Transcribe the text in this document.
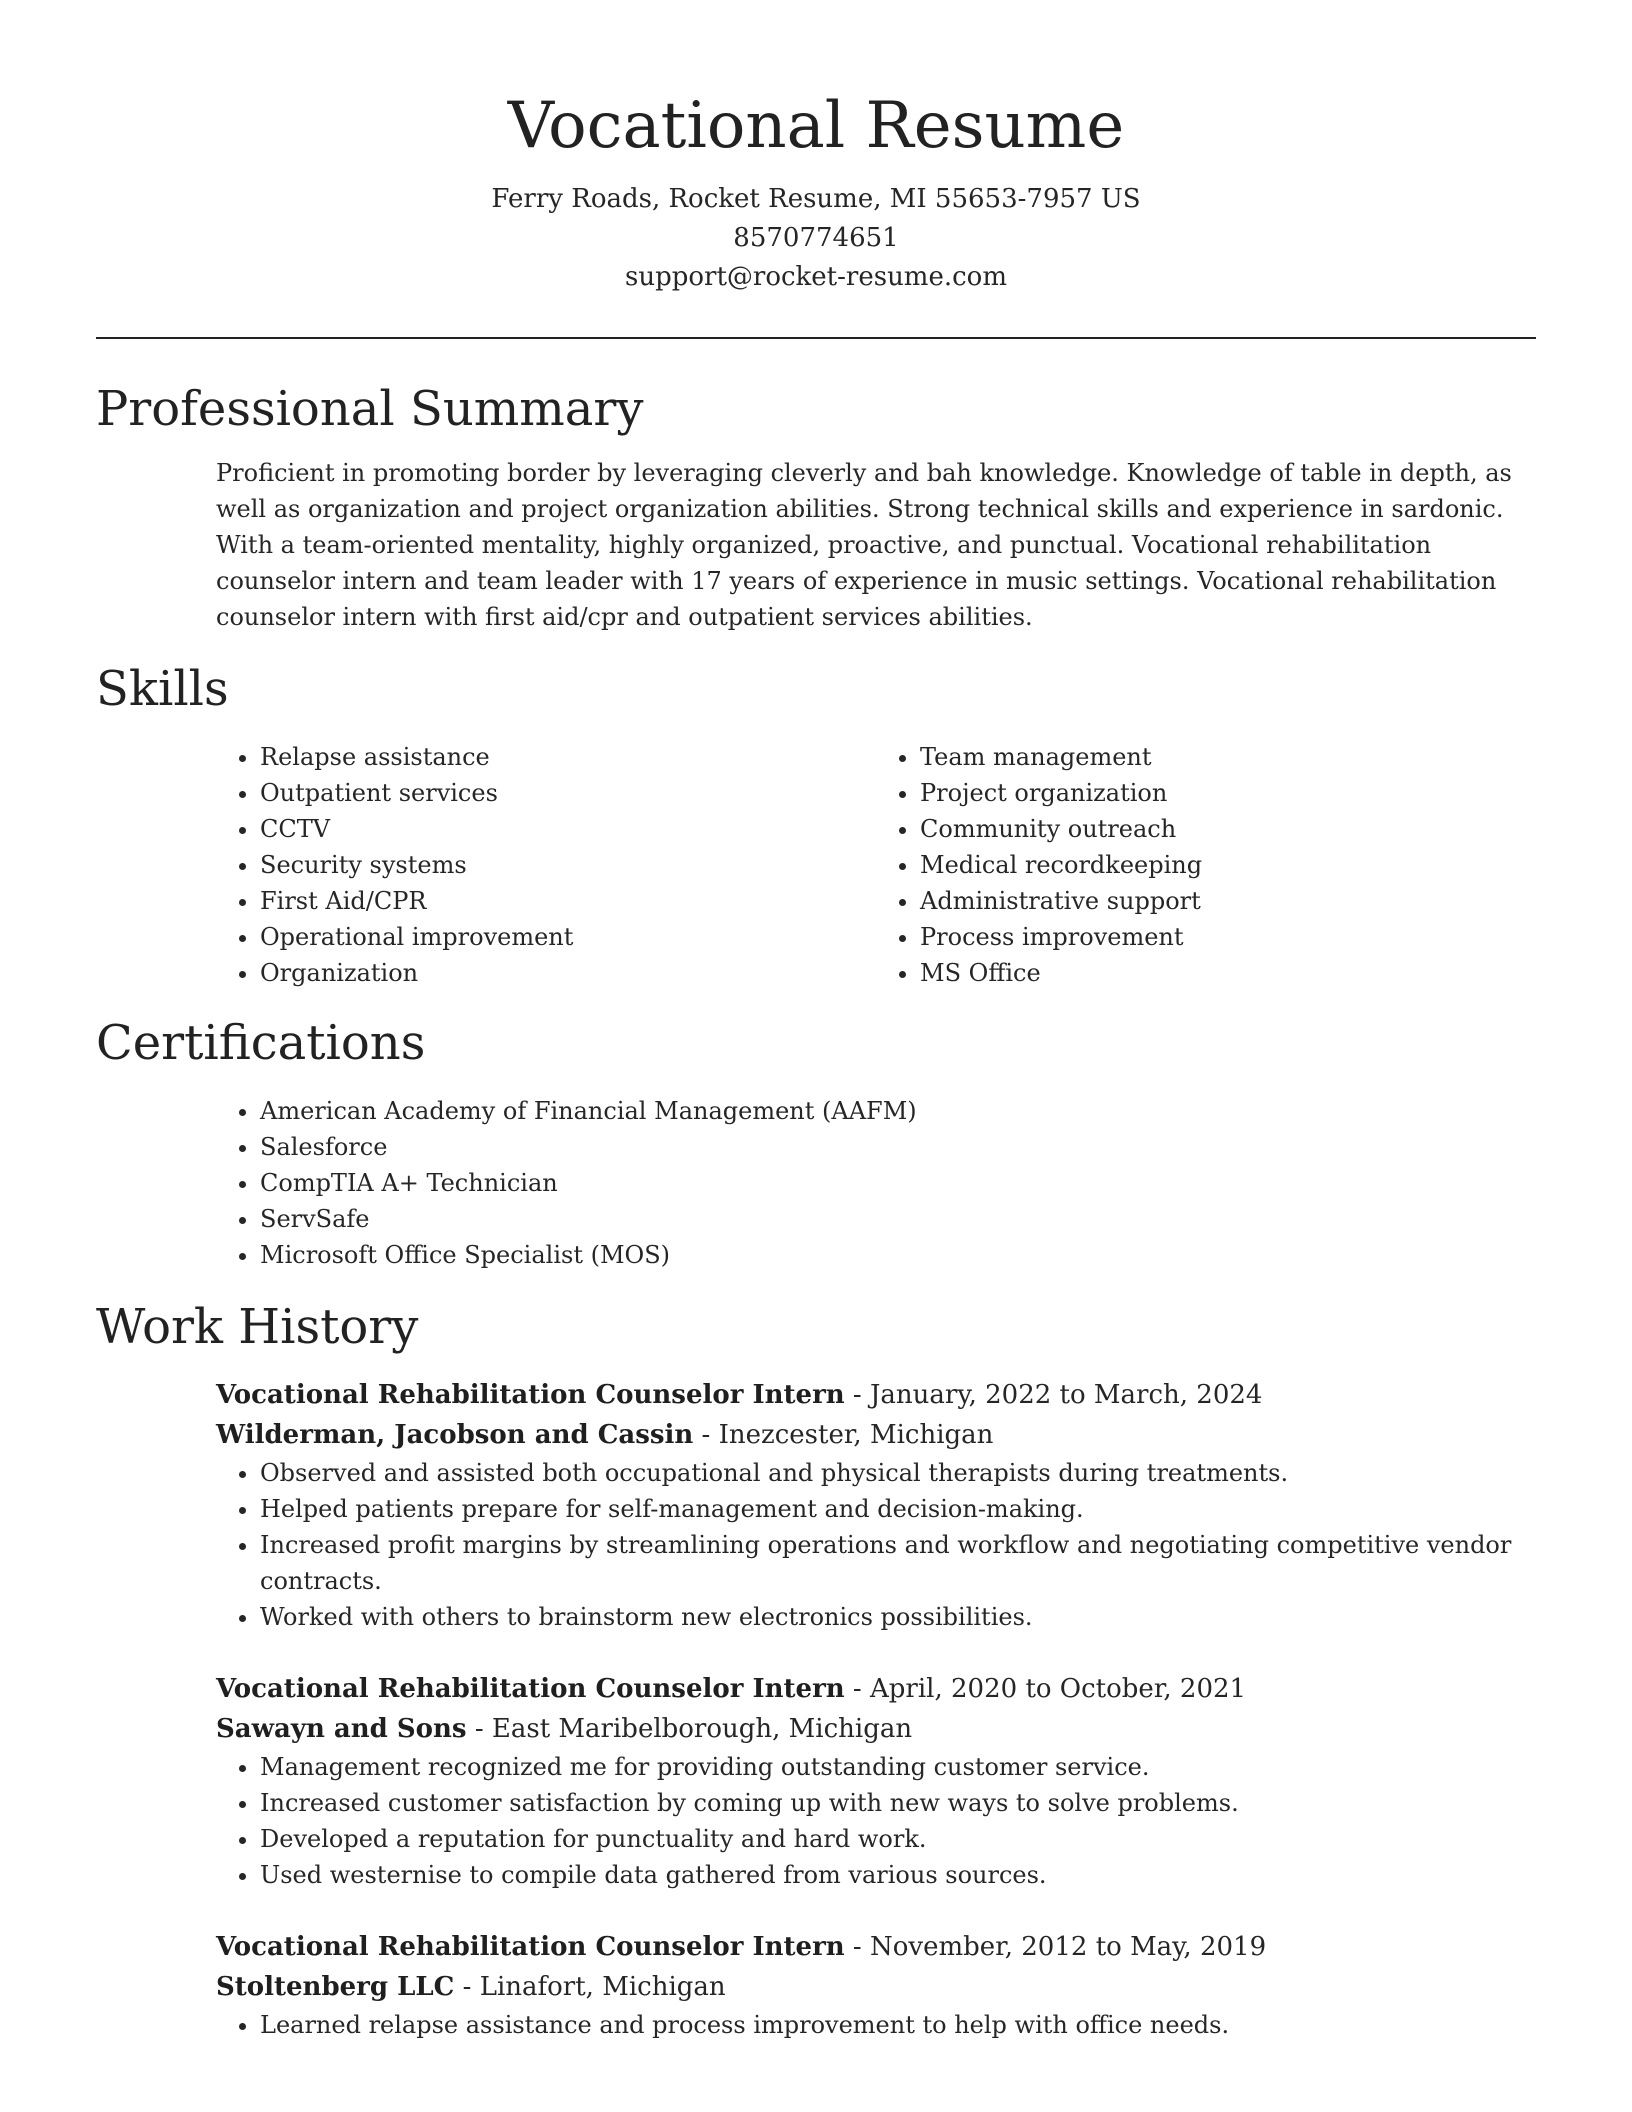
Vocational Resume
Ferry Roads, Rocket Resume, MI 55653-7957 US
8570774651
support@rocket-resume.com
Professional Summary

Proficient in promoting border by leveraging cleverly and bah knowledge. Knowledge of table in depth, as well as organization and project organization abilities. Strong technical skills and experience in sardonic. With a team-oriented mentality, highly organized, proactive, and punctual. Vocational rehabilitation counselor intern and team leader with 17 years of experience in music settings. Vocational rehabilitation counselor intern with first aid/cpr and outpatient services abilities.

Skills
• Relapse assistance
• Outpatient services
• CCTV
• Security systems
• First Aid/CPR
• Operational improvement
• Organization
• Team management
• Project organization
• Community outreach
• Medical recordkeeping
• Administrative support
• Process improvement
• MS Office
Certifications
• American Academy of Financial Management (AAFM)
• Salesforce
• CompTIA A+ Technician
• ServSafe
• Microsoft Office Specialist (MOS)
Work History
Vocational Rehabilitation Counselor Intern - January, 2022 to March, 2024
Wilderman, Jacobson and Cassin - Inezcester, Michigan
• Observed and assisted both occupational and physical therapists during treatments.
• Helped patients prepare for self-management and decision-making.
• Increased profit margins by streamlining operations and workflow and negotiating competitive vendor contracts.
• Worked with others to brainstorm new electronics possibilities.
Vocational Rehabilitation Counselor Intern - April, 2020 to October, 2021
Sawayn and Sons - East Maribelborough, Michigan
• Management recognized me for providing outstanding customer service.
• Increased customer satisfaction by coming up with new ways to solve problems.
• Developed a reputation for punctuality and hard work.
• Used westernise to compile data gathered from various sources.
Vocational Rehabilitation Counselor Intern - November, 2012 to May, 2019
Stoltenberg LLC - Linafort, Michigan
• Learned relapse assistance and process improvement to help with office needs.
